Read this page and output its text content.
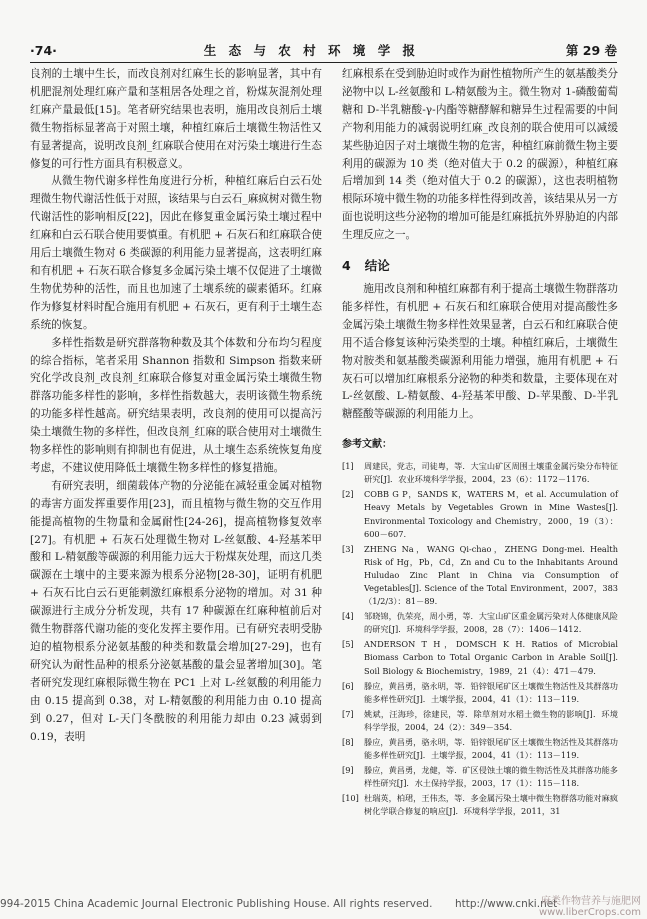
·74·	生 态 与 农 村 环 境 学 报	第 29 卷

良剂的土壤中生长，而改良剂对红麻生长的影响显著，其中有机肥混剂处理红麻产量和茎粗居各处理之首，粉煤灰混剂处理红麻产量最低[15]。笔者研究结果也表明，施用改良剂后土壤微生物指标显著高于对照土壤，种植红麻后土壤微生物活性又有显著提高，说明改良剂_红麻联合使用在对污染土壤进行生态修复的可行性方面具有积极意义。

从微生物代谢多样性角度进行分析，种植红麻后白云石处理微生物代谢活性低于对照，该结果与白云石_麻疯树对微生物代谢活性的影响相反[22]，因此在修复重金属污染土壤过程中红麻和白云石联合使用要慎重。有机肥 + 石灰石和红麻联合使用后土壤微生物对 6 类碳源的利用能力显著提高，这表明红麻和有机肥 + 石灰石联合修复多金属污染土壤不仅促进了土壤微生物优势种的活性，而且也加速了土壤系统的碳素循环。红麻作为修复材料时配合施用有机肥 + 石灰石，更有利于土壤生态系统的恢复。

多样性指数是研究群落物种数及其个体数和分布均匀程度的综合指标，笔者采用 Shannon 指数和 Simpson 指数来研究化学改良剂_改良剂_红麻联合修复对重金属污染土壤微生物群落功能多样性的影响，多样性指数越大，表明该微生物系统的功能多样性越高。研究结果表明，改良剂的使用可以提高污染土壤微生物的多样性，但改良剂_红麻的联合使用对土壤微生物多样性的影响则有抑制也有促进，从土壤生态系统恢复角度考虑，不建议使用降低土壤微生物多样性的修复措施。

有研究表明，细菌载体产物的分泌能在减轻重金属对植物的毒害方面发挥重要作用[23]，而且植物与微生物的交互作用能提高植物的生物量和金属耐性[24-26]，提高植物修复效率[27]。有机肥 + 石灰石处理微生物对 L-丝氨酸、4-羟基苯甲酸和 L-精氨酸等碳源的利用能力远大于粉煤灰处理，而这几类碳源在土壤中的主要来源为根系分泌物[28-30]，证明有机肥 + 石灰石比白云石更能刺激红麻根系分泌物的增加。对 31 种碳源进行主成分分析发现，共有 17 种碳源在红麻种植前后对微生物群落代谢功能的变化发挥主要作用。已有研究表明受胁迫的植物根系分泌氨基酸的种类和数量会增加[27-29]，也有研究认为耐性品种的根系分泌氨基酸的量会显著增加[30]。笔者研究发现红麻根际微生物在 PC1 上对 L-丝氨酸的利用能力由 0.15 提高到 0.38，对 L-精氨酸的利用能力由 0.10 提高到 0.27，但对 L-天门冬酰胺的利用能力却由 0.23 减弱到 0.19，表明

红麻根系在受到胁迫时或作为耐性植物所产生的氨基酸类分泌物中以 L-丝氨酸和 L-精氨酸为主。微生物对 1-磷酸葡萄糖和 D-半乳糖酸-γ-内酯等糖酵解和糖异生过程需要的中间产物利用能力的减弱说明红麻_改良剂的联合使用可以减缓某些胁迫因子对土壤微生物的危害，种植红麻前微生物主要利用的碳源为 10 类（绝对值大于 0.2 的碳源），种植红麻后增加到 14 类（绝对值大于 0.2 的碳源），这也表明植物根际环境中微生物的功能多样性得到改善，该结果从另一方面也说明这些分泌物的增加可能是红麻抵抗外界胁迫的内部生理反应之一。

4 结论

施用改良剂和种植红麻都有利于提高土壤微生物群落功能多样性，有机肥 + 石灰石和红麻联合使用对提高酸性多金属污染土壤微生物多样性效果显著，白云石和红麻联合使用不适合修复该种污染类型的土壤。种植红麻后，土壤微生物对胺类和氨基酸类碳源利用能力增强，施用有机肥 + 石灰石可以增加红麻根系分泌物的种类和数量，主要体现在对 L-丝氨酸、L-精氨酸、4-羟基苯甲酸、D-苹果酸、D-半乳糖醛酸等碳源的利用能力上。

参考文献：
[1]	周建民，党志，司徒粤，等．大宝山矿区周围土壤重金属污染分布特征研究[J]．农业环境科学学报，2004，23（6）：1172－1176.
[2]	COBB G P，SANDS K，WATERS M，et al. Accumulation of Heavy Metals by Vegetables Grown in Mine Wastes[J]. Environmental Toxicology and Chemistry，2000，19（3）：600－607.
[3]	ZHENG Na，WANG Qi-chao，ZHENG Dong-mei. Health Risk of Hg，Pb，Cd，Zn and Cu to the Inhabitants Around Huludao Zinc Plant in China via Consumption of Vegetables[J]. Science of the Total Environment，2007，383（1/2/3）：81－89.
[4]	邹晓锦，仇荣亮，周小勇，等．大宝山矿区重金属污染对人体健康风险的研究[J]．环境科学学报，2008，28（7）：1406－1412.
[5]	ANDERSON T H，DOMSCH K H. Ratios of Microbial Biomass Carbon to Total Organic Carbon in Arable Soil[J]. Soil Biology & Biochemistry，1989，21（4）：471－479.
[6]	滕应，黄昌勇，骆永明，等．铅锌银尾矿区土壤微生物活性及其群落功能多样性研究[J]．土壤学报，2004，41（1）：113－119.
[7]	姚斌，汪海珍，徐建民，等．除草剂对水稻土微生物的影响[J]．环境科学学报，2004，24（2）：349－354.
[8]	滕应，黄昌勇，骆永明，等．铅锌银尾矿区土壤微生物活性及其群落功能多样性研究[J]．土壤学报，2004，41（1）：113－119.
[9]	滕应，黄昌勇，龙健，等．矿区侵蚀土壤的微生物活性及其群落功能多样性研究[J]．水土保持学报，2003，17（1）：115－118.
[10] 杜瑞英，柏珺，王伟杰，等．多金属污染土壤中微生物群落功能对麻疯树化学联合修复的响应[J]．环境科学学报，2011，31
994-2015 China Academic Journal Electronic Publishing House. All rights reserved. http://www.cnki.net
麻类作物营养与施肥网
www.liberCrops.com
